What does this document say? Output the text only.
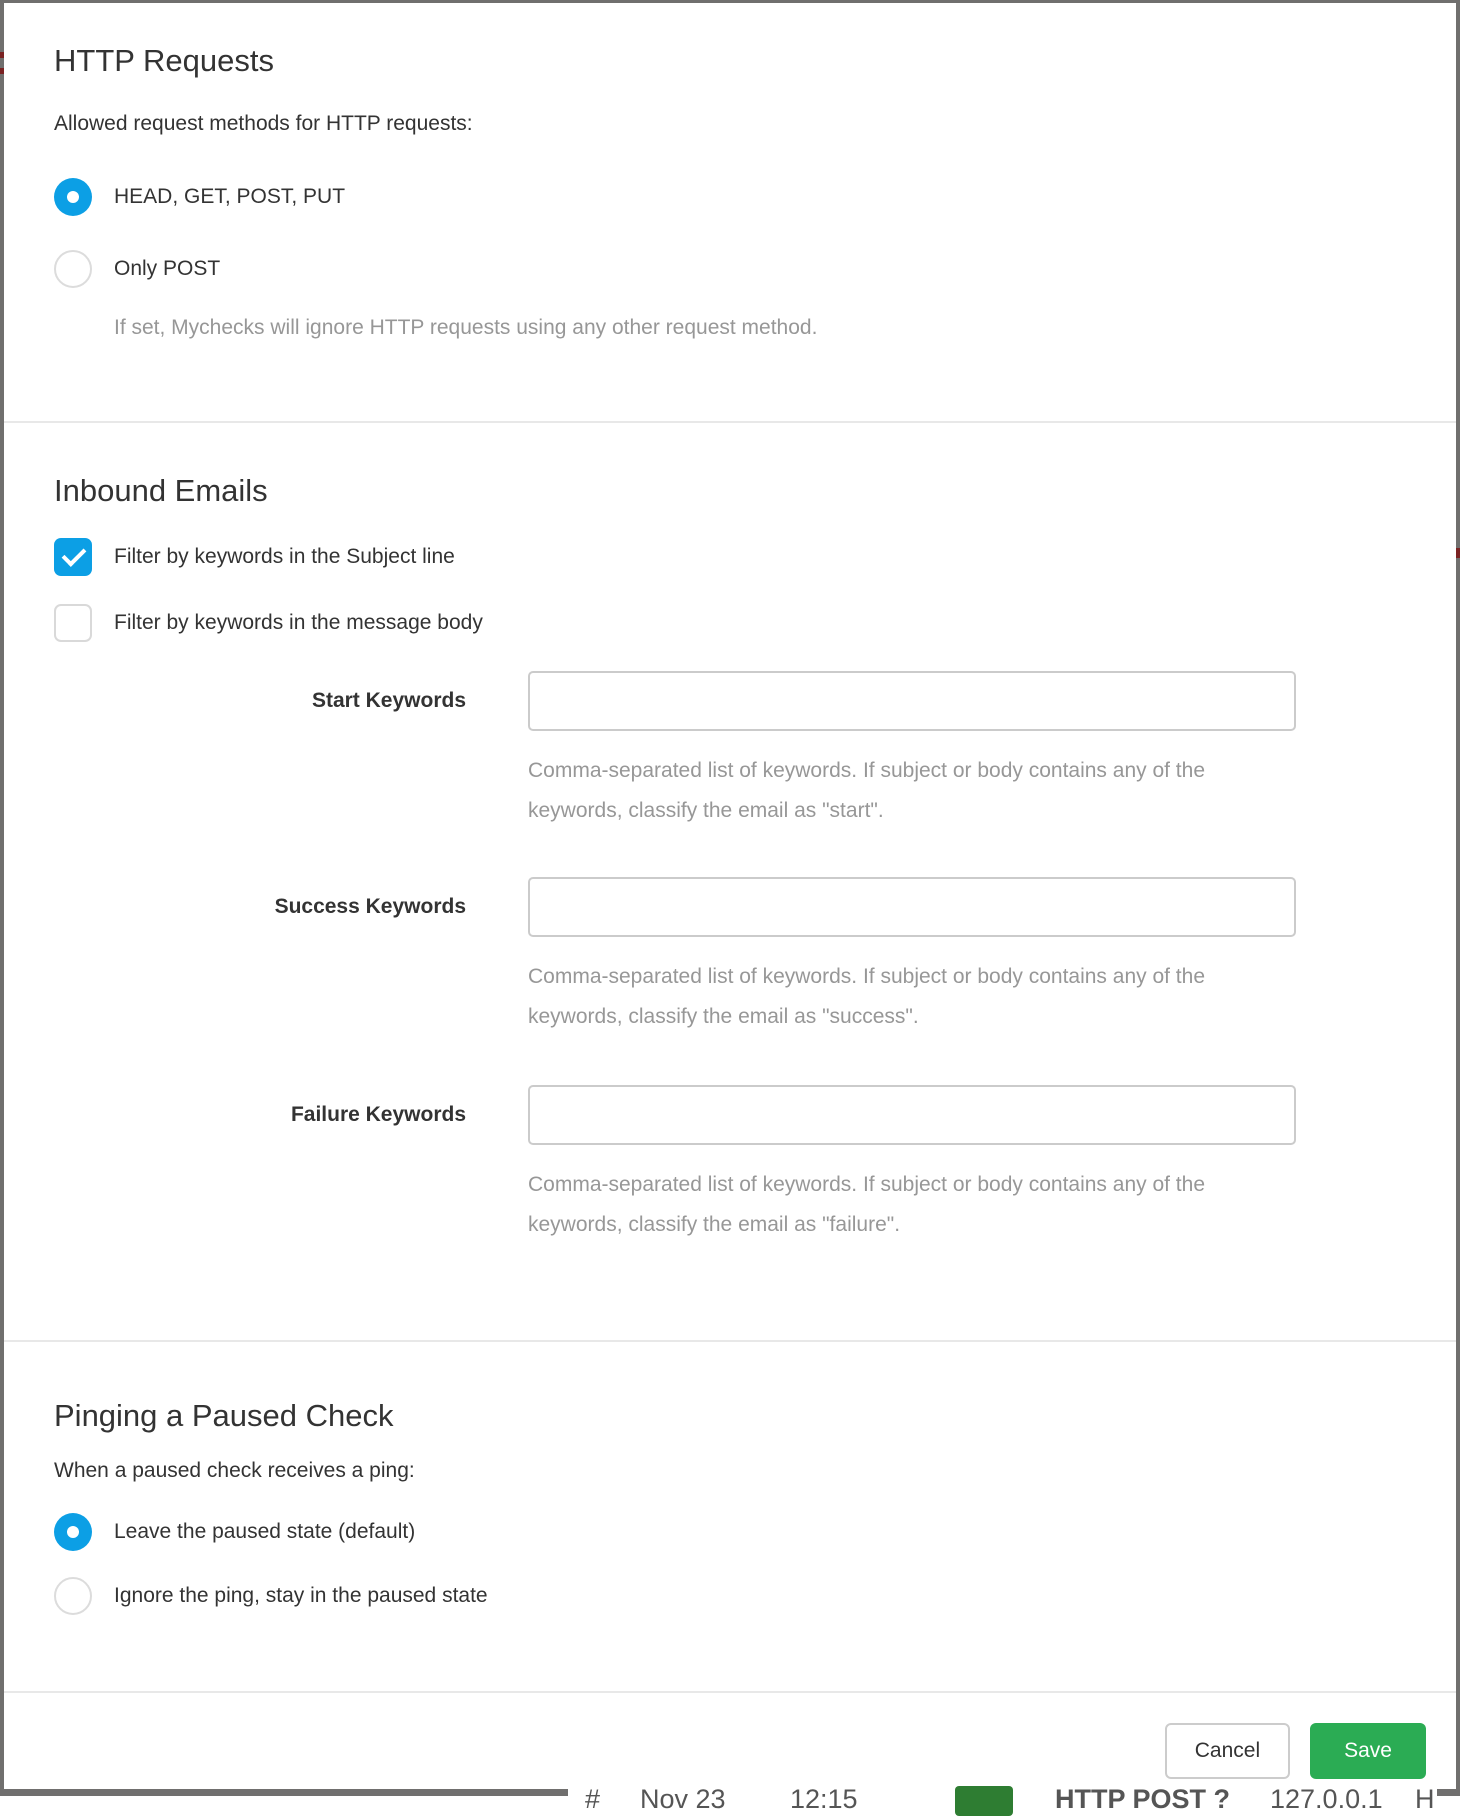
HTTP Requests

Allowed request methods for HTTP requests:

HEAD, GET, POST, PUT
Only POST

If set, Mychecks will ignore HTTP requests using any other request method.

Inbound Emails
Filter by keywords in the Subject line
Filter by keywords in the message body
Start Keywords

Comma-separated list of keywords. If subject or body contains any of the keywords, classify the email as "start".

Success Keywords

Comma-separated list of keywords. If subject or body contains any of the keywords, classify the email as "success".

Failure Keywords

Comma-separated list of keywords. If subject or body contains any of the keywords, classify the email as "failure".

Pinging a Paused Check

When a paused check receives a ping:

Leave the paused state (default)
Ignore the ping, stay in the paused state
Cancel	Save
# Nov 23 12:15	HTTP POST ? 127.0.0.1 H
